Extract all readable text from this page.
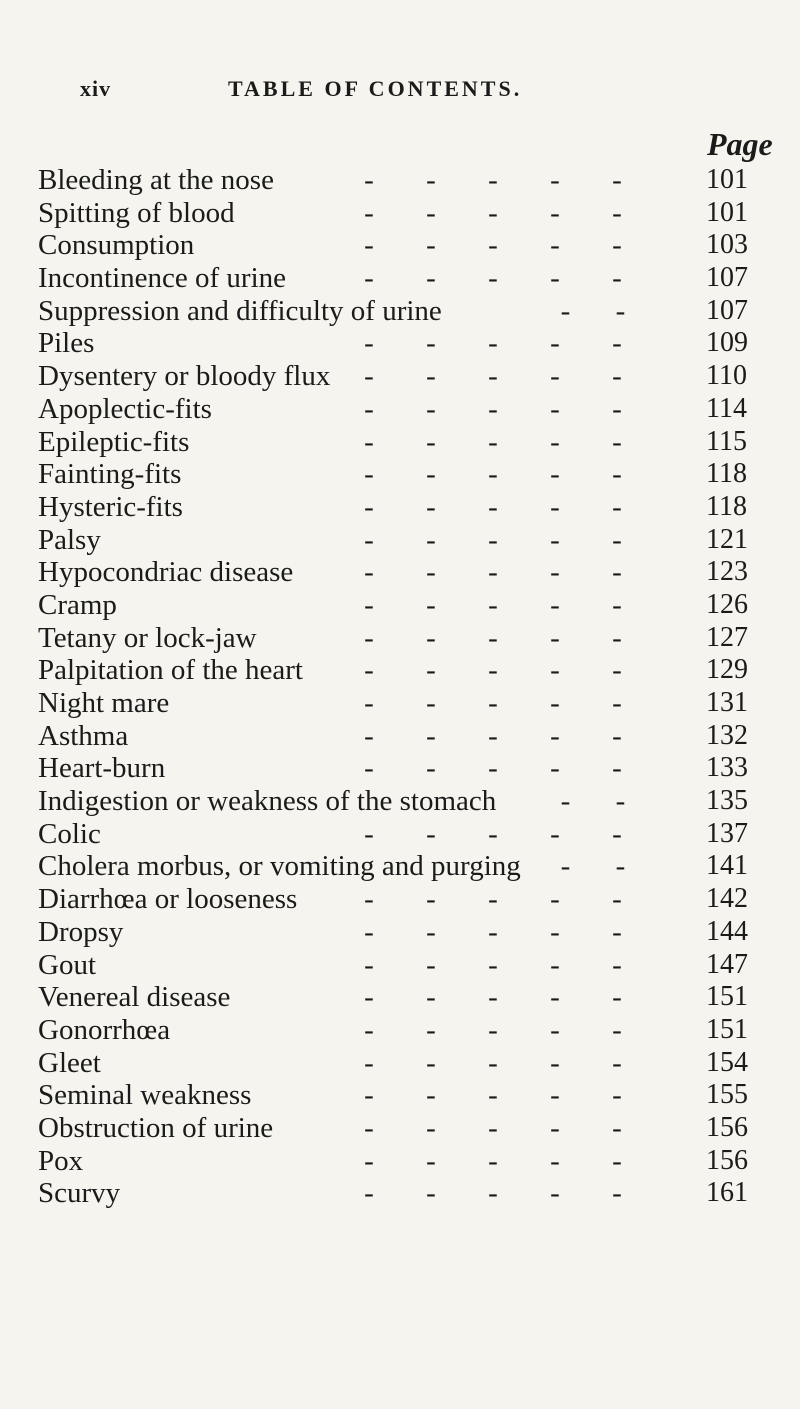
xiv	TABLE OF CONTENTS.
Page
Bleeding at the nose	- - - - -	101
Spitting of blood	- - - - -	101
Consumption	- - - - -	103
Incontinence of urine	- - - - -	107
Suppression and difficulty of urine	- -	107
Piles	- - - - -	109
Dysentery or bloody flux	- - - - -	110
Apoplectic-fits	- - - - -	114
Epileptic-fits	- - - - -	115
Fainting-fits	- - - - -	118
Hysteric-fits	- - - - -	118
Palsy	- - - - -	121
Hypocondriac disease	- - - - -	123
Cramp	- - - - -	126
Tetany or lock-jaw	- - - - -	127
Palpitation of the heart	- - - - -	129
Night mare	- - - - -	131
Asthma	- - - - -	132
Heart-burn	- - - - -	133
Indigestion or weakness of the stomach	- -	135
Colic	- - - - -	137
Cholera morbus, or vomiting and purging	- -	141
Diarrhœa or looseness	- - - - -	142
Dropsy	- - - - -	144
Gout	- - - - -	147
Venereal disease	- - - - -	151
Gonorrhœa	- - - - -	151
Gleet	- - - - -	154
Seminal weakness	- - - - -	155
Obstruction of urine	- - - - -	156
Pox	- - - - -	156
Scurvy	- - - - -	161
